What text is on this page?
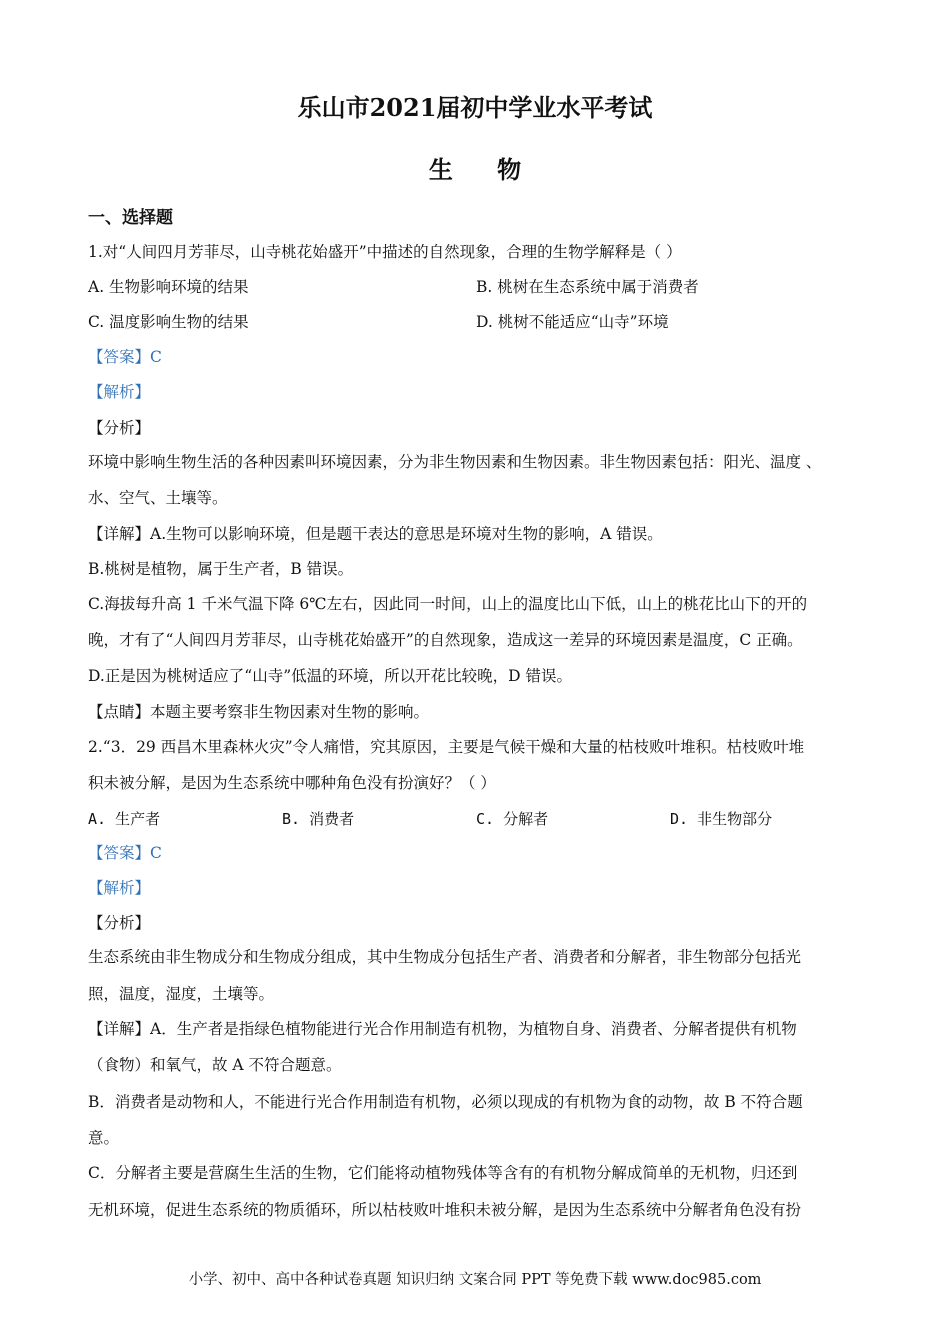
乐山市2021届初中学业水平考试
生 物
一、选择题
1.对“人间四月芳菲尽，山寺桃花始盛开”中描述的自然现象，合理的生物学解释是（ ）
A. 生物影响环境的结果	B. 桃树在生态系统中属于消费者
C. 温度影响生物的结果	D. 桃树不能适应“山寺”环境
【答案】C
【解析】
【分析】
环境中影响生物生活的各种因素叫环境因素，分为非生物因素和生物因素。非生物因素包括：阳光、温度 、
水、空气、土壤等。
【详解】A.生物可以影响环境，但是题干表达的意思是环境对生物的影响，A 错误。
B.桃树是植物，属于生产者，B 错误。
C.海拔每升高 1 千米气温下降 6℃左右，因此同一时间，山上的温度比山下低，山上的桃花比山下的开的
晚，才有了“人间四月芳菲尽，山寺桃花始盛开”的自然现象，造成这一差异的环境因素是温度，C 正确。
D.正是因为桃树适应了“山寺”低温的环境，所以开花比较晚，D 错误。
【点睛】本题主要考察非生物因素对生物的影响。
2.“3．29 西昌木里森林火灾”令人痛惜，究其原因，主要是气候干燥和大量的枯枝败叶堆积。枯枝败叶堆
积未被分解，是因为生态系统中哪种角色没有扮演好？（ ）
A. 生产者	B. 消费者	C. 分解者	D. 非生物部分
【答案】C
【解析】
【分析】
生态系统由非生物成分和生物成分组成，其中生物成分包括生产者、消费者和分解者，非生物部分包括光
照，温度，湿度，土壤等。
【详解】A．生产者是指绿色植物能进行光合作用制造有机物，为植物自身、消费者、分解者提供有机物
（食物）和氧气，故 A 不符合题意。
B．消费者是动物和人，不能进行光合作用制造有机物，必须以现成的有机物为食的动物，故 B 不符合题
意。
C．分解者主要是营腐生生活的生物，它们能将动植物残体等含有的有机物分解成简单的无机物，归还到
无机环境，促进生态系统的物质循环，所以枯枝败叶堆积未被分解，是因为生态系统中分解者角色没有扮
小学、初中、高中各种试卷真题 知识归纳 文案合同 PPT 等免费下载 www.doc985.com
